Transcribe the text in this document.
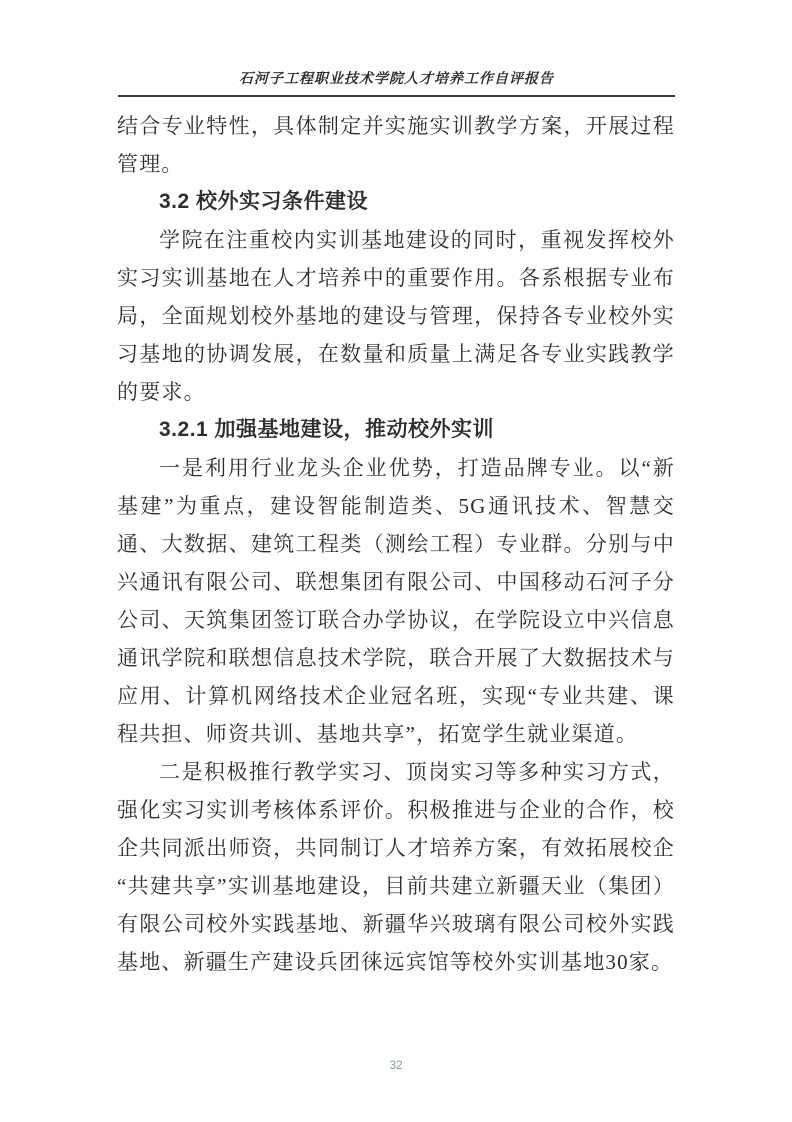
石河子工程职业技术学院人才培养工作自评报告

结合专业特性，具体制定并实施实训教学方案，开展过程管理。

3.2 校外实习条件建设

学院在注重校内实训基地建设的同时，重视发挥校外实习实训基地在人才培养中的重要作用。各系根据专业布局，全面规划校外基地的建设与管理，保持各专业校外实习基地的协调发展，在数量和质量上满足各专业实践教学的要求。

3.2.1 加强基地建设，推动校外实训

一是利用行业龙头企业优势，打造品牌专业。以“新基建”为重点，建设智能制造类、5G通讯技术、智慧交通、大数据、建筑工程类（测绘工程）专业群。分别与中兴通讯有限公司、联想集团有限公司、中国移动石河子分公司、天筑集团签订联合办学协议，在学院设立中兴信息通讯学院和联想信息技术学院，联合开展了大数据技术与应用、计算机网络技术企业冠名班，实现“专业共建、课程共担、师资共训、基地共享”，拓宽学生就业渠道。

二是积极推行教学实习、顶岗实习等多种实习方式，强化实习实训考核体系评价。积极推进与企业的合作，校企共同派出师资，共同制订人才培养方案，有效拓展校企“共建共享”实训基地建设，目前共建立新疆天业（集团）有限公司校外实践基地、新疆华兴玻璃有限公司校外实践基地、新疆生产建设兵团徕远宾馆等校外实训基地30家。

32
